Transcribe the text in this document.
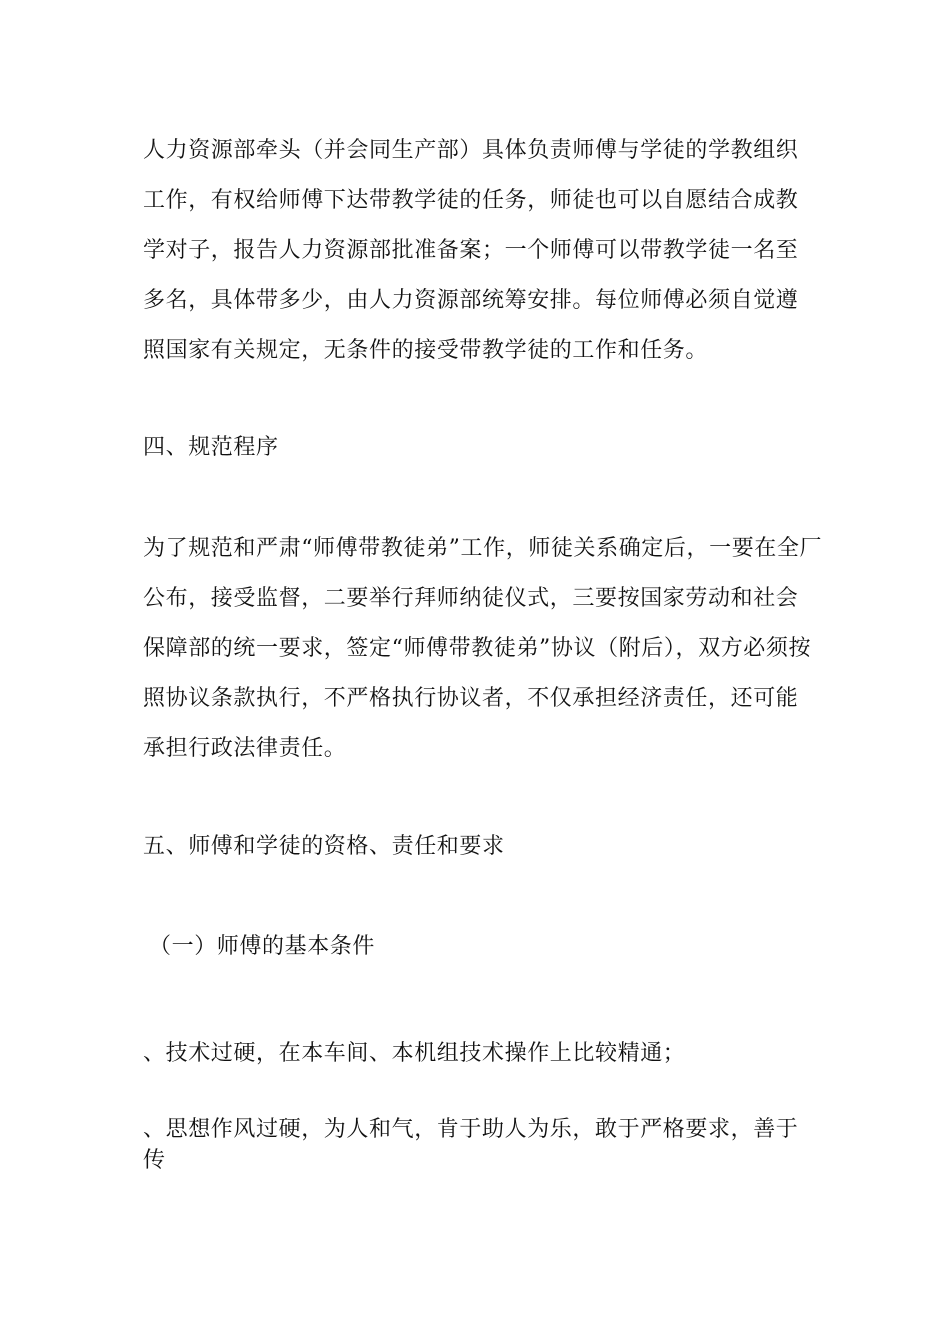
人力资源部牵头（并会同生产部）具体负责师傅与学徒的学教组织
工作，有权给师傅下达带教学徒的任务，师徒也可以自愿结合成教
学对子，报告人力资源部批准备案；一个师傅可以带教学徒一名至
多名，具体带多少，由人力资源部统筹安排。每位师傅必须自觉遵
照国家有关规定，无条件的接受带教学徒的工作和任务。
四、规范程序
为了规范和严肃“师傅带教徒弟”工作，师徒关系确定后，一要在全厂
公布，接受监督，二要举行拜师纳徒仪式，三要按国家劳动和社会
保障部的统一要求，签定“师傅带教徒弟”协议（附后），双方必须按
照协议条款执行，不严格执行协议者，不仅承担经济责任，还可能
承担行政法律责任。
五、师傅和学徒的资格、责任和要求
（一）师傅的基本条件

、技术过硬，在本车间、本机组技术操作上比较精通；

、思想作风过硬，为人和气，肯于助人为乐，敢于严格要求，善于
传
